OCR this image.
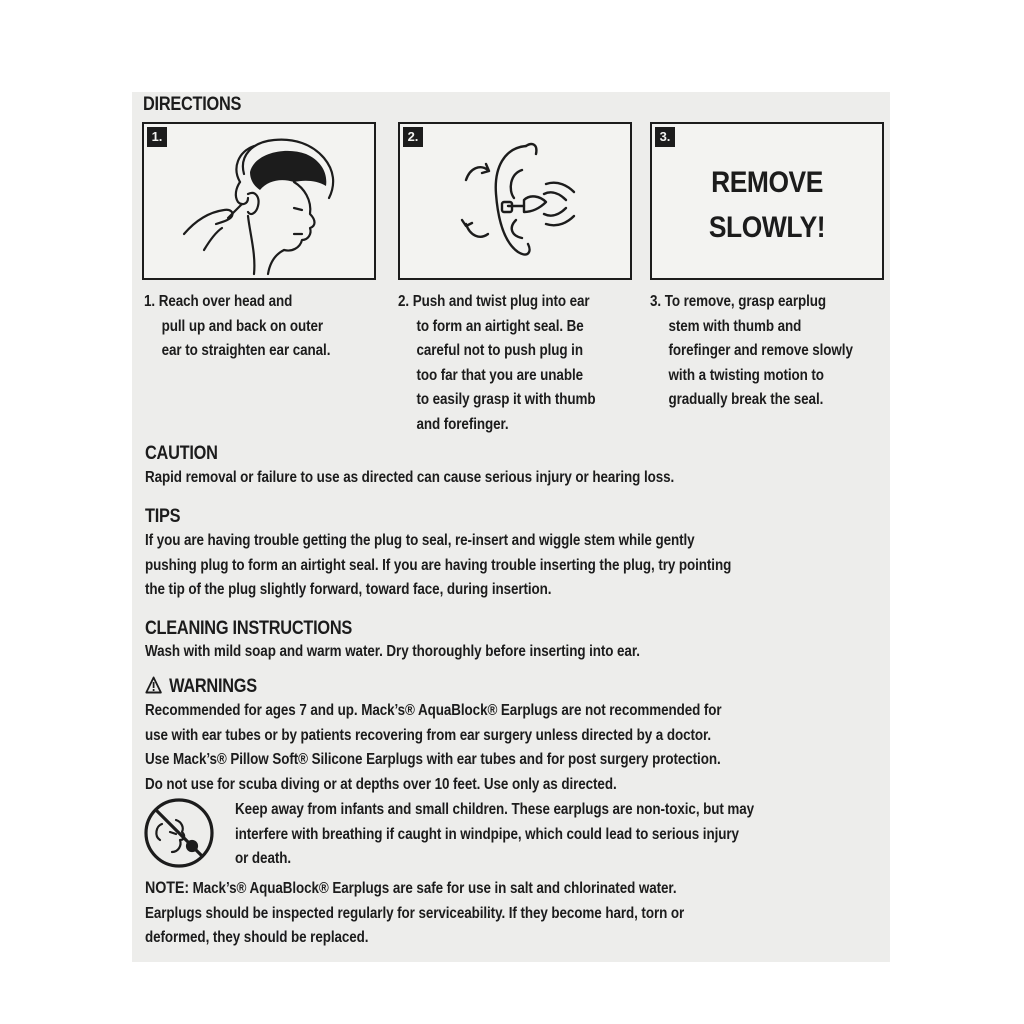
DIRECTIONS
1.	2.	3.
REMOVE
SLOWLY!
1. Reach over head and
pull up and back on outer
ear to straighten ear canal.
2. Push and twist plug into ear
to form an airtight seal. Be
careful not to push plug in
too far that you are unable
to easily grasp it with thumb
and forefinger.
3. To remove, grasp earplug
stem with thumb and
forefinger and remove slowly
with a twisting motion to
gradually break the seal.
CAUTION
Rapid removal or failure to use as directed can cause serious injury or hearing loss.
TIPS
If you are having trouble getting the plug to seal, re-insert and wiggle stem while gently
pushing plug to form an airtight seal. If you are having trouble inserting the plug, try pointing
the tip of the plug slightly forward, toward face, during insertion.
CLEANING INSTRUCTIONS
Wash with mild soap and warm water. Dry thoroughly before inserting into ear.
WARNINGS
Recommended for ages 7 and up. Mack’s® AquaBlock® Earplugs are not recommended for
use with ear tubes or by patients recovering from ear surgery unless directed by a doctor.
Use Mack’s® Pillow Soft® Silicone Earplugs with ear tubes and for post surgery protection.
Do not use for scuba diving or at depths over 10 feet. Use only as directed.
Keep away from infants and small children. These earplugs are non-toxic, but may
interfere with breathing if caught in windpipe, which could lead to serious injury
or death.
NOTE: Mack’s® AquaBlock® Earplugs are safe for use in salt and chlorinated water.
Earplugs should be inspected regularly for serviceability. If they become hard, torn or
deformed, they should be replaced.
